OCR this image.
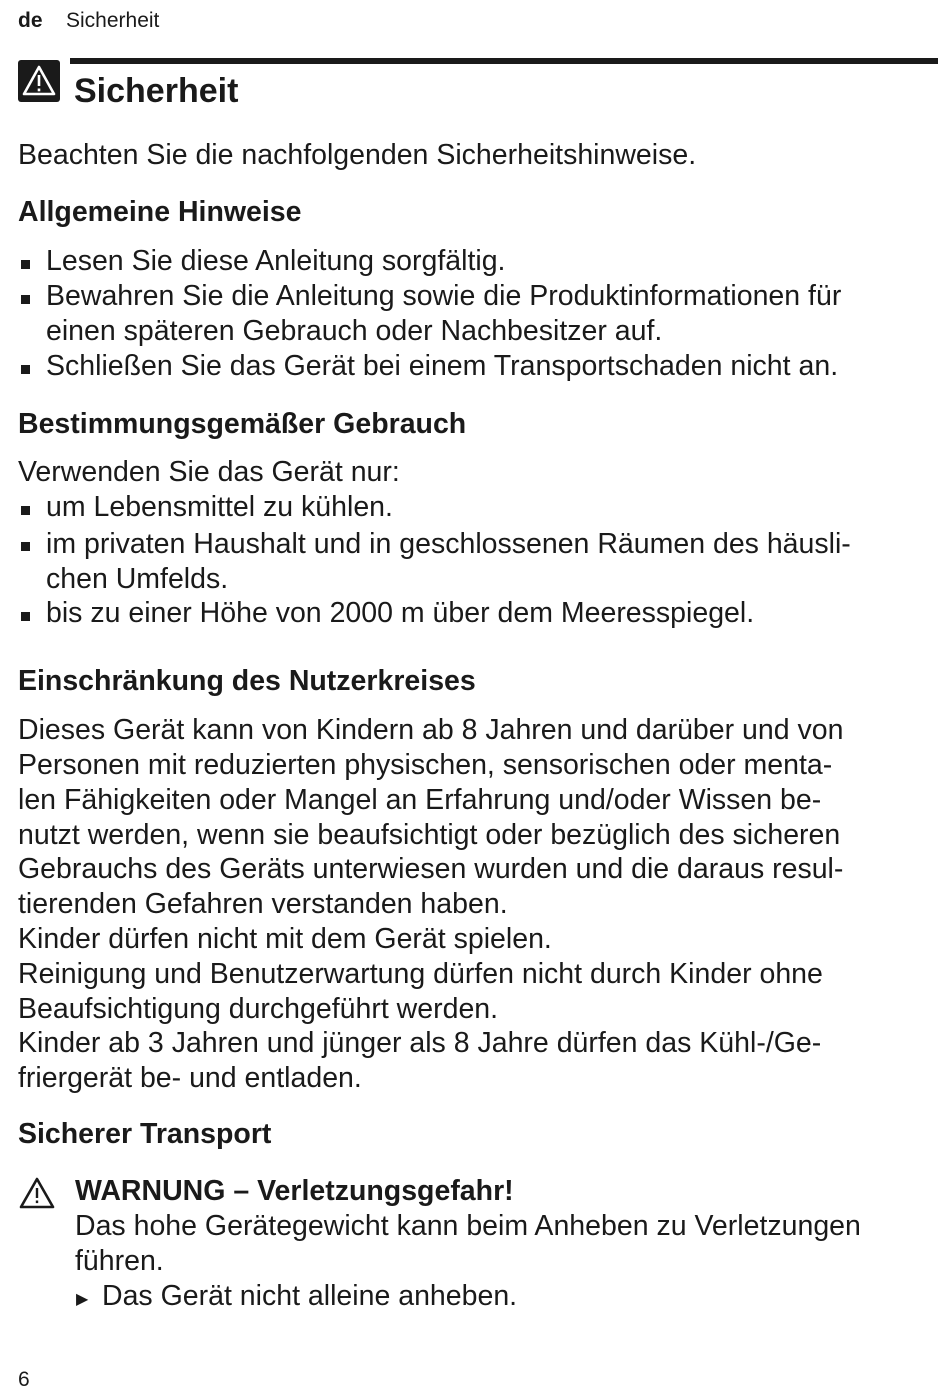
de Sicherheit
Sicherheit
Beachten Sie die nachfolgenden Sicherheitshinweise.
Allgemeine Hinweise
Lesen Sie diese Anleitung sorgfältig.
Bewahren Sie die Anleitung sowie die Produktinformationen für
einen späteren Gebrauch oder Nachbesitzer auf.
Schließen Sie das Gerät bei einem Transportschaden nicht an.
Bestimmungsgemäßer Gebrauch
Verwenden Sie das Gerät nur:
um Lebensmittel zu kühlen.
im privaten Haushalt und in geschlossenen Räumen des häusli-
chen Umfelds.
bis zu einer Höhe von 2000 m über dem Meeresspiegel.
Einschränkung des Nutzerkreises
Dieses Gerät kann von Kindern ab 8 Jahren und darüber und von
Personen mit reduzierten physischen, sensorischen oder menta-
len Fähigkeiten oder Mangel an Erfahrung und/oder Wissen be-
nutzt werden, wenn sie beaufsichtigt oder bezüglich des sicheren
Gebrauchs des Geräts unterwiesen wurden und die daraus resul-
tierenden Gefahren verstanden haben.
Kinder dürfen nicht mit dem Gerät spielen.
Reinigung und Benutzerwartung dürfen nicht durch Kinder ohne
Beaufsichtigung durchgeführt werden.
Kinder ab 3 Jahren und jünger als 8 Jahre dürfen das Kühl-/Ge-
friergerät be- und entladen.
Sicherer Transport
WARNUNG – Verletzungsgefahr!
Das hohe Gerätegewicht kann beim Anheben zu Verletzungen
führen.
▶ Das Gerät nicht alleine anheben.
6
